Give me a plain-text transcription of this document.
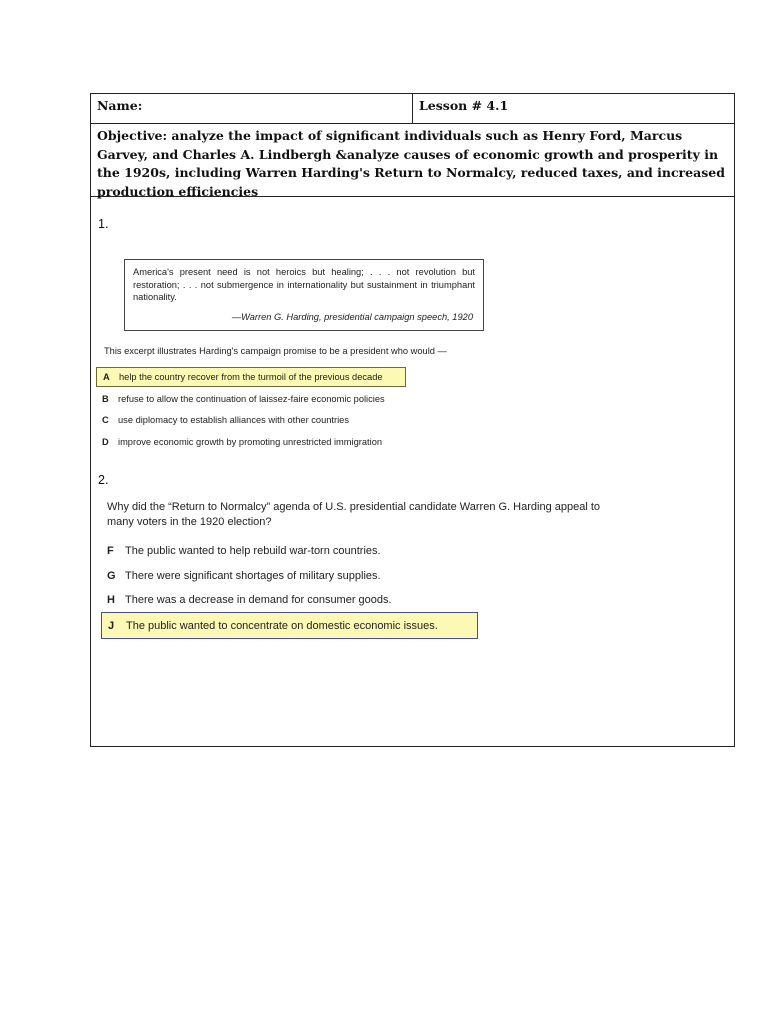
Name:	Lesson # 4.1
Objective: analyze the impact of significant individuals such as Henry Ford, Marcus Garvey, and Charles A. Lindbergh &analyze causes of economic growth and prosperity in the 1920s, including Warren Harding's Return to Normalcy, reduced taxes, and increased production efficiencies
1.
America's present need is not heroics but healing; . . . not revolution but restoration; . . . not submergence in internationality but sustainment in triumphant nationality.
—Warren G. Harding, presidential campaign speech, 1920
This excerpt illustrates Harding's campaign promise to be a president who would —
A help the country recover from the turmoil of the previous decade
B refuse to allow the continuation of laissez-faire economic policies
C use diplomacy to establish alliances with other countries
D improve economic growth by promoting unrestricted immigration
2.
Why did the “Return to Normalcy” agenda of U.S. presidential candidate Warren G. Harding appeal to many voters in the 1920 election?
F	The public wanted to help rebuild war-torn countries.
G There were significant shortages of military supplies.
H There was a decrease in demand for consumer goods.
J	The public wanted to concentrate on domestic economic issues.
